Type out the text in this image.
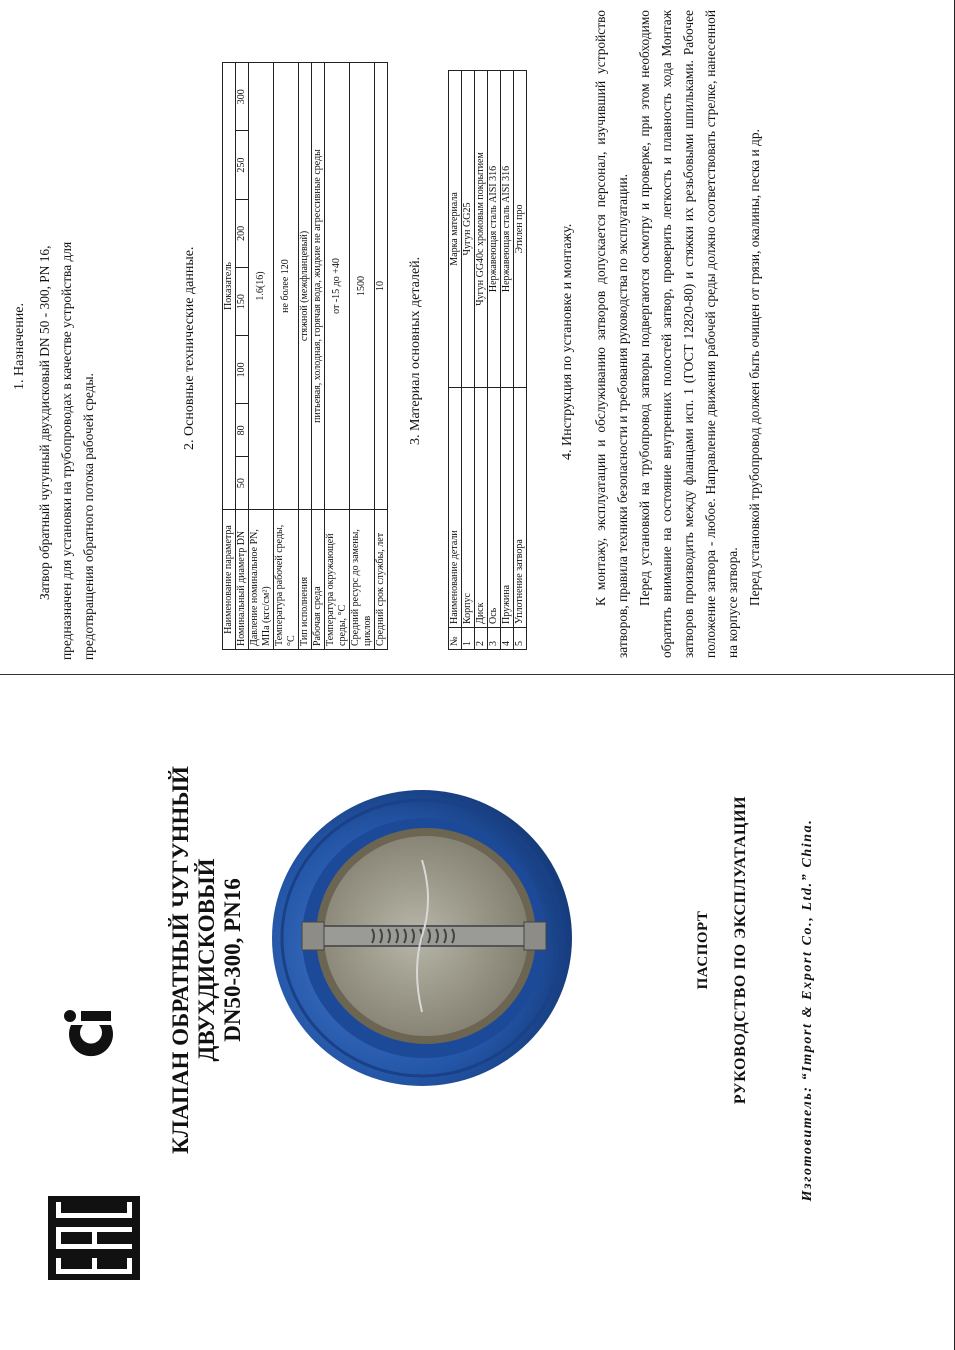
КЛАПАН ОБРАТНЫЙ ЧУГУННЫЙ ДВУХДИСКОВЫЙ DN50-300, PN16	ПАСПОРТ РУКОВОДСТВО ПО ЭКСПЛУАТАЦИИ	Изготовитель: “Import & Export Co., Ltd.” China.
1. Назначение. Затвор обратный чугунный двухдисковый DN 50 - 300, PN 16, предназначен для установки на трубопроводах в качестве устройства для предотвращения обратного потока рабочей среды.

2. Основные технические данные.
Наименование параметра	Показатель						
Номинальный диаметр DN	50	80	100	150	200	250	300
Давление номинальное PN, MПа (кгс/см²)	1.6(16)						
Температура рабочей среды, °С	не более 120						
Тип исполнения	стяжной (межфланцевый)						
Рабочая среда	питьевая, холодная, горячая вода, жидкие не агрессивные среды						
Температура окружающей среды, °С	от -15 до +40						
Средний ресурс до замены, циклов	1500						
Средний срок службы, лет	10						3. Материал основных деталей.
№	Наименование детали	Марка материала
1	Корпус	Чугун GG25
2	Диск	Чугун GG40с хромовым покрытием
3	Ось	Нержавеющая сталь AISI 316
4	Пружина	Нержавеющая сталь AISI 316
5	Уплотнение затвора	Этилен про	4. Инструкция по установке и монтажу. К монтажу, эксплуатации и обслуживанию затворов допускается персонал, изучивший устройство затворов, правила техники безопасности и требования руководства по эксплуатации. Перед установкой на трубопровод затворы подвергаются осмотру и проверке, при этом необходимо обратить внимание на состояние внутренних полостей затвор, проверить легкость и плавность хода Монтаж затворов производить между фланцами исп. 1 (ГОСТ 12820-80) и стяжки их резьбовыми шпильками. Рабочее положение затвора - любое. Направление движения рабочей среды должно соответствовать стрелке, нанесенной на корпусе затвора. Перед установкой трубопровод должен быть очищен от грязи, окалины, песка и др.
